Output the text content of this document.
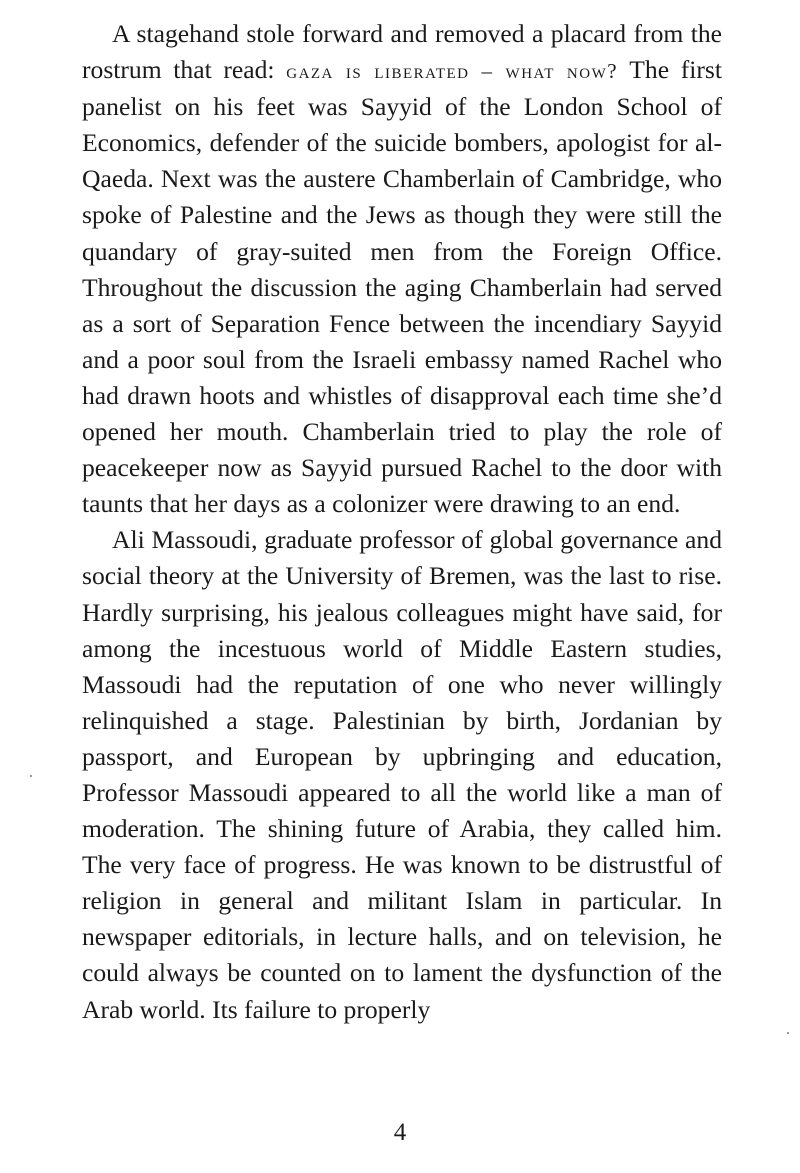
A stagehand stole forward and removed a placard from the rostrum that read: gaza is liberated – what now? The first panelist on his feet was Sayyid of the London School of Economics, defender of the suicide bombers, apologist for al-Qaeda. Next was the austere Chamberlain of Cambridge, who spoke of Palestine and the Jews as though they were still the quandary of gray-suited men from the Foreign Office. Throughout the discussion the aging Chamberlain had served as a sort of Separation Fence between the incendiary Sayyid and a poor soul from the Israeli embassy named Rachel who had drawn hoots and whistles of disapproval each time she’d opened her mouth. Chamberlain tried to play the role of peacekeeper now as Sayyid pursued Rachel to the door with taunts that her days as a colonizer were drawing to an end.

Ali Massoudi, graduate professor of global governance and social theory at the University of Bremen, was the last to rise. Hardly surprising, his jealous colleagues might have said, for among the incestuous world of Middle Eastern studies, Massoudi had the reputation of one who never willingly relinquished a stage. Palestinian by birth, Jordanian by passport, and European by upbringing and education, Professor Massoudi appeared to all the world like a man of moderation. The shining future of Arabia, they called him. The very face of progress. He was known to be distrustful of religion in general and militant Islam in particular. In newspaper editorials, in lecture halls, and on television, he could always be counted on to lament the dysfunction of the Arab world. Its failure to properly

4
